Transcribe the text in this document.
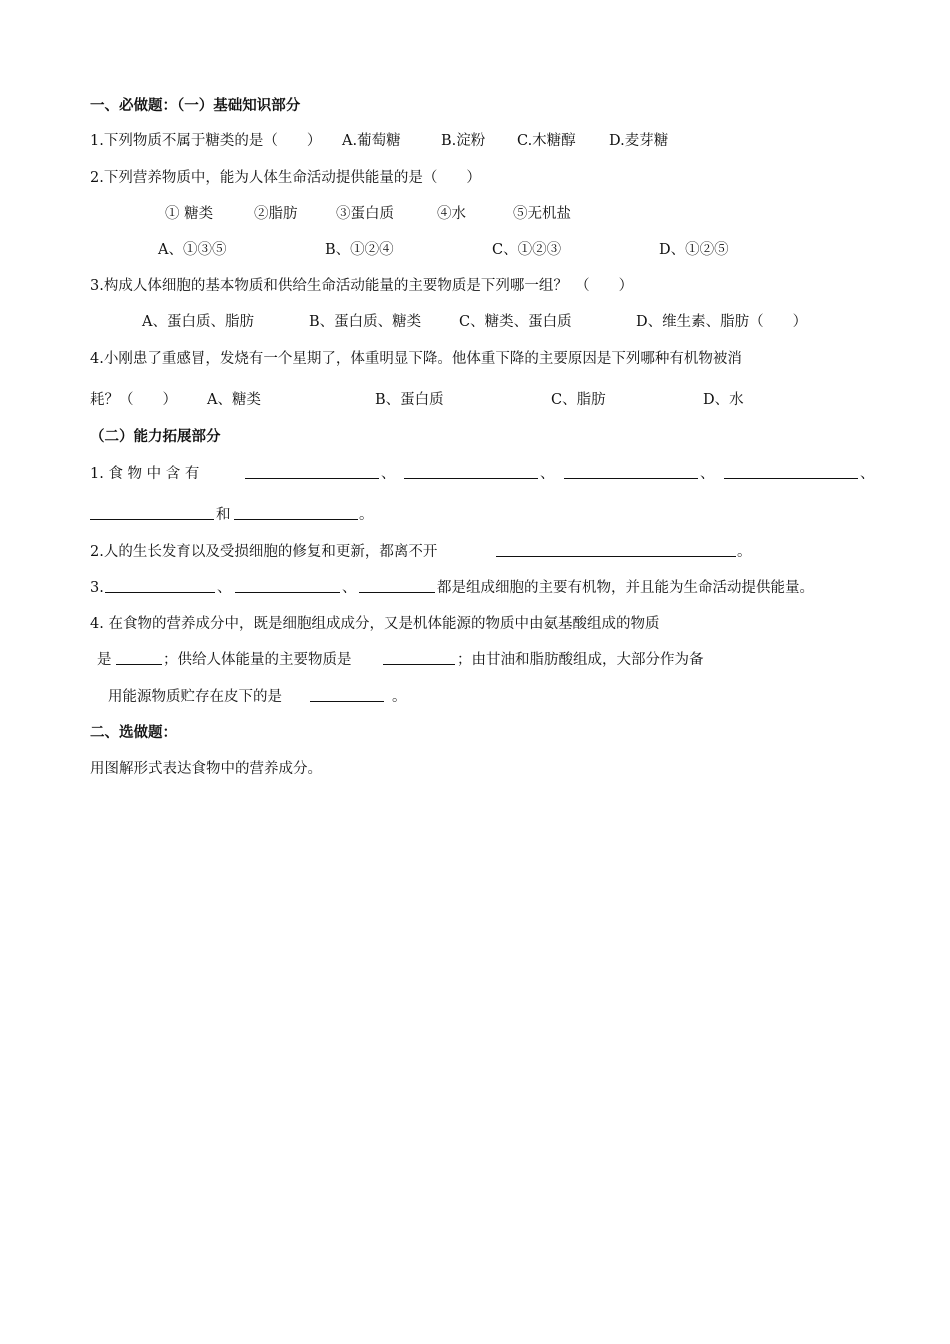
一、必做题：（一）基础知识部分
1.下列物质不属于糖类的是（　　） A.葡萄糖	B.淀粉 C.木糖醇 D.麦芽糖
2.下列营养物质中，能为人体生命活动提供能量的是（　　）
① 糖类	②脂肪	③蛋白质	④水	⑤无机盐
A、①③⑤	B、①②④	C、①②③	D、①②⑤
3.构成人体细胞的基本物质和供给生命活动能量的主要物质是下列哪一组？　（　　）
A、蛋白质、脂肪	B、蛋白质、糖类	C、糖类、蛋白质	D、维生素、脂肪（　　）
4.小刚患了重感冒，发烧有一个星期了，体重明显下降。他体重下降的主要原因是下列哪种有机物被消
耗？（　　） A、糖类	B、蛋白质	C、脂肪	D、水
（二）能力拓展部分
1. 食 物 中 含 有	、	、	、	、
和	。
2.人的生长发育以及受损细胞的修复和更新，都离不开	。
3.	、	、	都是组成细胞的主要有机物，并且能为生命活动提供能量。
4. 在食物的营养成分中，既是细胞组成成分，又是机体能源的物质中由氨基酸组成的物质
是	；供给人体能量的主要物质是	；由甘油和脂肪酸组成，大部分作为备
用能源物质贮存在皮下的是	。
二、选做题：
用图解形式表达食物中的营养成分。
